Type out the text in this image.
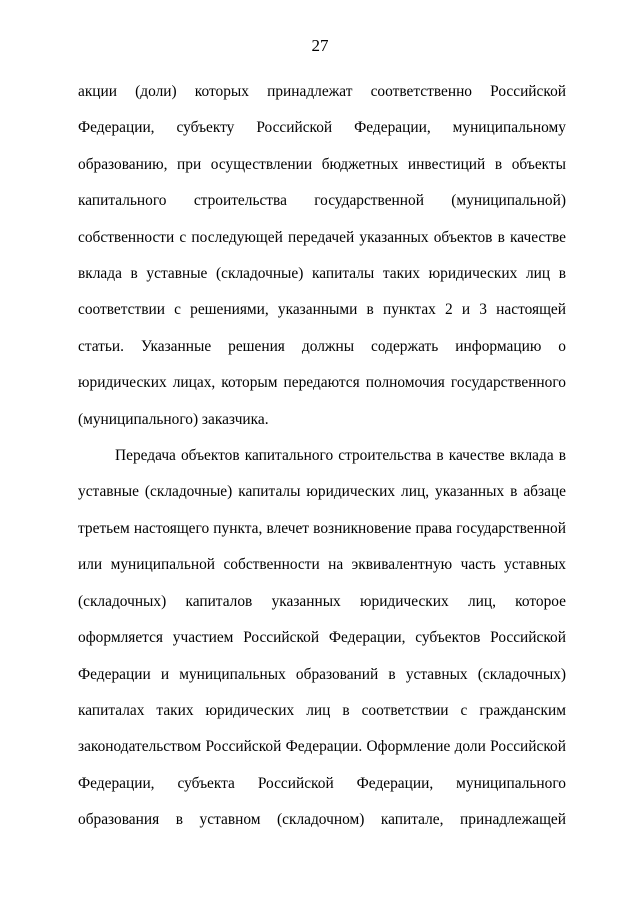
27

акции (доли) которых принадлежат соответственно Российской Федерации, субъекту Российской Федерации, муниципальному образованию, при осуществлении бюджетных инвестиций в объекты капитального строительства государственной (муниципальной) собственности с последующей передачей указанных объектов в качестве вклада в уставные (складочные) капиталы таких юридических лиц в соответствии с решениями, указанными в пунктах 2 и 3 настоящей статьи. Указанные решения должны содержать информацию о юридических лицах, которым передаются полномочия государственного (муниципального) заказчика.

Передача объектов капитального строительства в качестве вклада в уставные (складочные) капиталы юридических лиц, указанных в абзаце третьем настоящего пункта, влечет возникновение права государственной или муниципальной собственности на эквивалентную часть уставных (складочных) капиталов указанных юридических лиц, которое оформляется участием Российской Федерации, субъектов Российской Федерации и муниципальных образований в уставных (складочных) капиталах таких юридических лиц в соответствии с гражданским законодательством Российской Федерации. Оформление доли Российской Федерации, субъекта Российской Федерации, муниципального образования в уставном (складочном) капитале, принадлежащей
